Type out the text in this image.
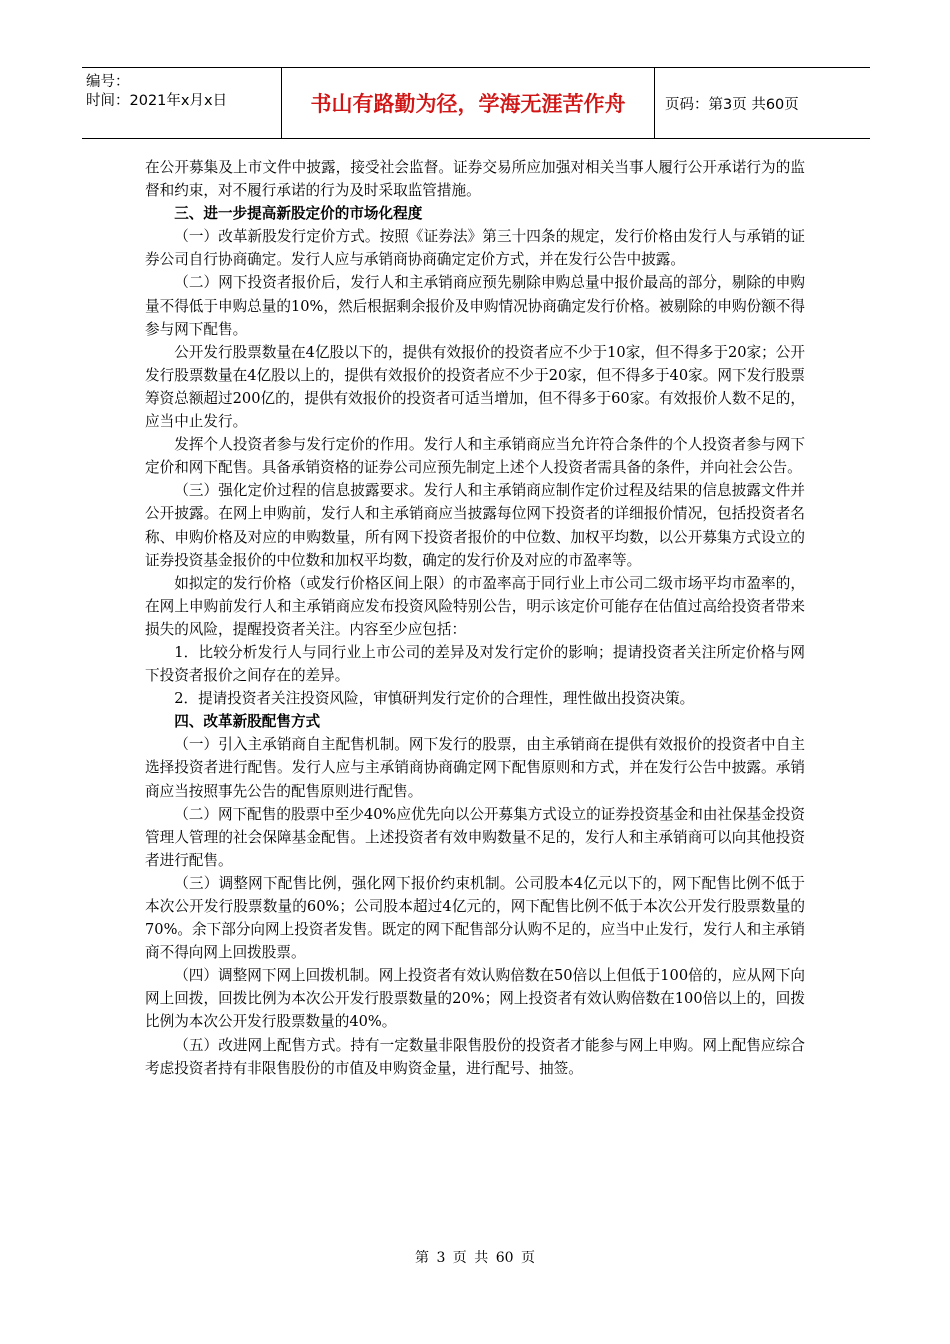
编号：
时间：2021年x月x日	书山有路勤为径，学海无涯苦作舟	页码：第3页 共60页

在公开募集及上市文件中披露，接受社会监督。证券交易所应加强对相关当事人履行公开承诺行为的监督和约束，对不履行承诺的行为及时采取监管措施。

三、进一步提高新股定价的市场化程度

（一）改革新股发行定价方式。按照《证券法》第三十四条的规定，发行价格由发行人与承销的证券公司自行协商确定。发行人应与承销商协商确定定价方式，并在发行公告中披露。

（二）网下投资者报价后，发行人和主承销商应预先剔除申购总量中报价最高的部分，剔除的申购量不得低于申购总量的10%，然后根据剩余报价及申购情况协商确定发行价格。被剔除的申购份额不得参与网下配售。

公开发行股票数量在4亿股以下的，提供有效报价的投资者应不少于10家，但不得多于20家；公开发行股票数量在4亿股以上的，提供有效报价的投资者应不少于20家，但不得多于40家。网下发行股票筹资总额超过200亿的，提供有效报价的投资者可适当增加，但不得多于60家。有效报价人数不足的，应当中止发行。

发挥个人投资者参与发行定价的作用。发行人和主承销商应当允许符合条件的个人投资者参与网下定价和网下配售。具备承销资格的证券公司应预先制定上述个人投资者需具备的条件，并向社会公告。

（三）强化定价过程的信息披露要求。发行人和主承销商应制作定价过程及结果的信息披露文件并公开披露。在网上申购前，发行人和主承销商应当披露每位网下投资者的详细报价情况，包括投资者名称、申购价格及对应的申购数量，所有网下投资者报价的中位数、加权平均数，以公开募集方式设立的证券投资基金报价的中位数和加权平均数，确定的发行价及对应的市盈率等。

如拟定的发行价格（或发行价格区间上限）的市盈率高于同行业上市公司二级市场平均市盈率的，在网上申购前发行人和主承销商应发布投资风险特别公告，明示该定价可能存在估值过高给投资者带来损失的风险，提醒投资者关注。内容至少应包括：

1．比较分析发行人与同行业上市公司的差异及对发行定价的影响；提请投资者关注所定价格与网下投资者报价之间存在的差异。

2．提请投资者关注投资风险，审慎研判发行定价的合理性，理性做出投资决策。

四、改革新股配售方式

（一）引入主承销商自主配售机制。网下发行的股票，由主承销商在提供有效报价的投资者中自主选择投资者进行配售。发行人应与主承销商协商确定网下配售原则和方式，并在发行公告中披露。承销商应当按照事先公告的配售原则进行配售。

（二）网下配售的股票中至少40%应优先向以公开募集方式设立的证券投资基金和由社保基金投资管理人管理的社会保障基金配售。上述投资者有效申购数量不足的，发行人和主承销商可以向其他投资者进行配售。

（三）调整网下配售比例，强化网下报价约束机制。公司股本4亿元以下的，网下配售比例不低于本次公开发行股票数量的60%；公司股本超过4亿元的，网下配售比例不低于本次公开发行股票数量的70%。余下部分向网上投资者发售。既定的网下配售部分认购不足的，应当中止发行，发行人和主承销商不得向网上回拨股票。

（四）调整网下网上回拨机制。网上投资者有效认购倍数在50倍以上但低于100倍的，应从网下向网上回拨，回拨比例为本次公开发行股票数量的20%；网上投资者有效认购倍数在100倍以上的，回拨比例为本次公开发行股票数量的40%。

（五）改进网上配售方式。持有一定数量非限售股份的投资者才能参与网上申购。网上配售应综合考虑投资者持有非限售股份的市值及申购资金量，进行配号、抽签。

第 3 页 共 60 页
